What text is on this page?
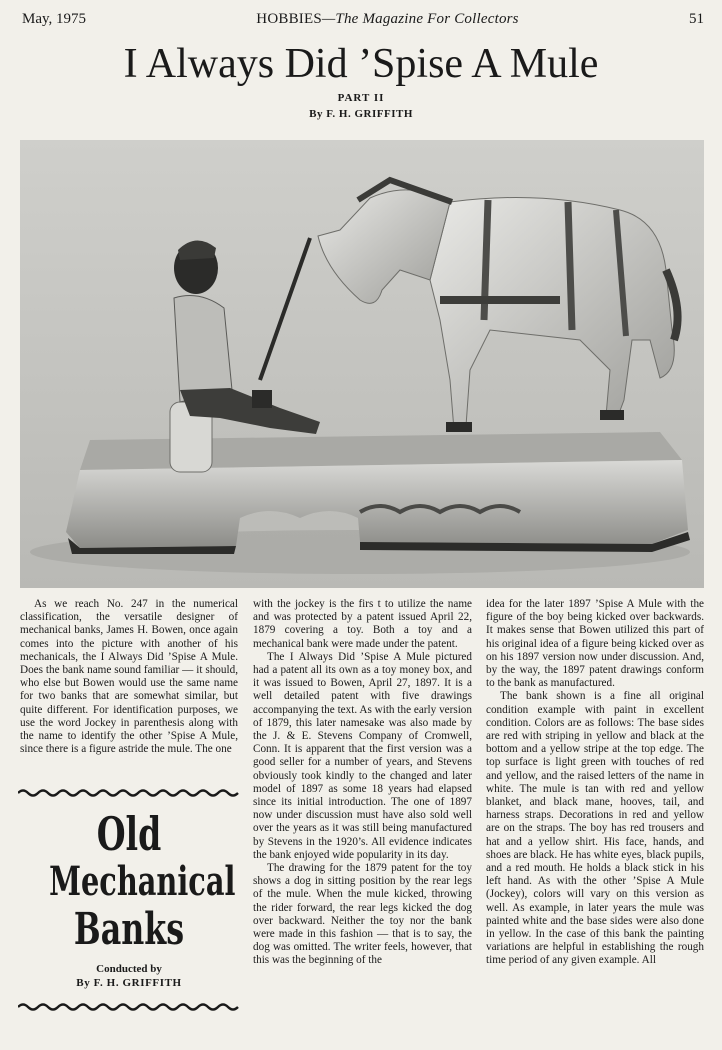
May, 1975	HOBBIES—The Magazine For Collectors	51
I Always Did ’Spise A Mule
PART II
By F. H. GRIFFITH

As we reach No. 247 in the numerical classification, the versatile designer of mechanical banks, James H. Bowen, once again comes into the picture with another of his mechanicals, the I Always Did ’Spise A Mule. Does the bank name sound familiar — it should, who else but Bowen would use the same name for two banks that are somewhat similar, but quite different. For identification purposes, we use the word Jockey in parenthesis along with the name to identify the other ’Spise A Mule, since there is a figure astride the mule. The one

Old
Mechanical
Banks
Conducted by
By F. H. GRIFFITH

with the jockey is the firs t to utilize the name and was protected by a patent issued April 22, 1879 covering a toy. Both a toy and a mechanical bank were made under the patent.

The I Always Did ’Spise A Mule pictured had a patent all its own as a toy money box, and it was issued to Bowen, April 27, 1897. It is a well detailed patent with five drawings accompanying the text. As with the early version of 1879, this later namesake was also made by the J. & E. Stevens Company of Cromwell, Conn. It is apparent that the first version was a good seller for a number of years, and Stevens obviously took kindly to the changed and later model of 1897 as some 18 years had elapsed since its initial introduction. The one of 1897 now under discussion must have also sold well over the years as it was still being manufactured by Stevens in the 1920’s. All evidence indicates the bank enjoyed wide popularity in its day.

The drawing for the 1879 patent for the toy shows a dog in sitting position by the rear legs of the mule. When the mule kicked, throwing the rider forward, the rear legs kicked the dog over backward. Neither the toy nor the bank were made in this fashion — that is to say, the dog was omitted. The writer feels, however, that this was the beginning of the

idea for the later 1897 ’Spise A Mule with the figure of the boy being kicked over backwards. It makes sense that Bowen utilized this part of his original idea of a figure being kicked over as on his 1897 version now under discussion. And, by the way, the 1897 patent drawings conform to the bank as manufactured.

The bank shown is a fine all original condition example with paint in excellent condition. Colors are as follows: The base sides are red with striping in yellow and black at the bottom and a yellow stripe at the top edge. The top surface is light green with touches of red and yellow, and the raised letters of the name in white. The mule is tan with red and yellow blanket, and black mane, hooves, tail, and harness straps. Decorations in red and yellow are on the straps. The boy has red trousers and hat and a yellow shirt. His face, hands, and shoes are black. He has white eyes, black pupils, and a red mouth. He holds a black stick in his left hand. As with the other ’Spise A Mule (Jockey), colors will vary on this version as well. As example, in later years the mule was painted white and the base sides were also done in yellow. In the case of this bank the painting variations are helpful in establishing the rough time period of any given example. All
